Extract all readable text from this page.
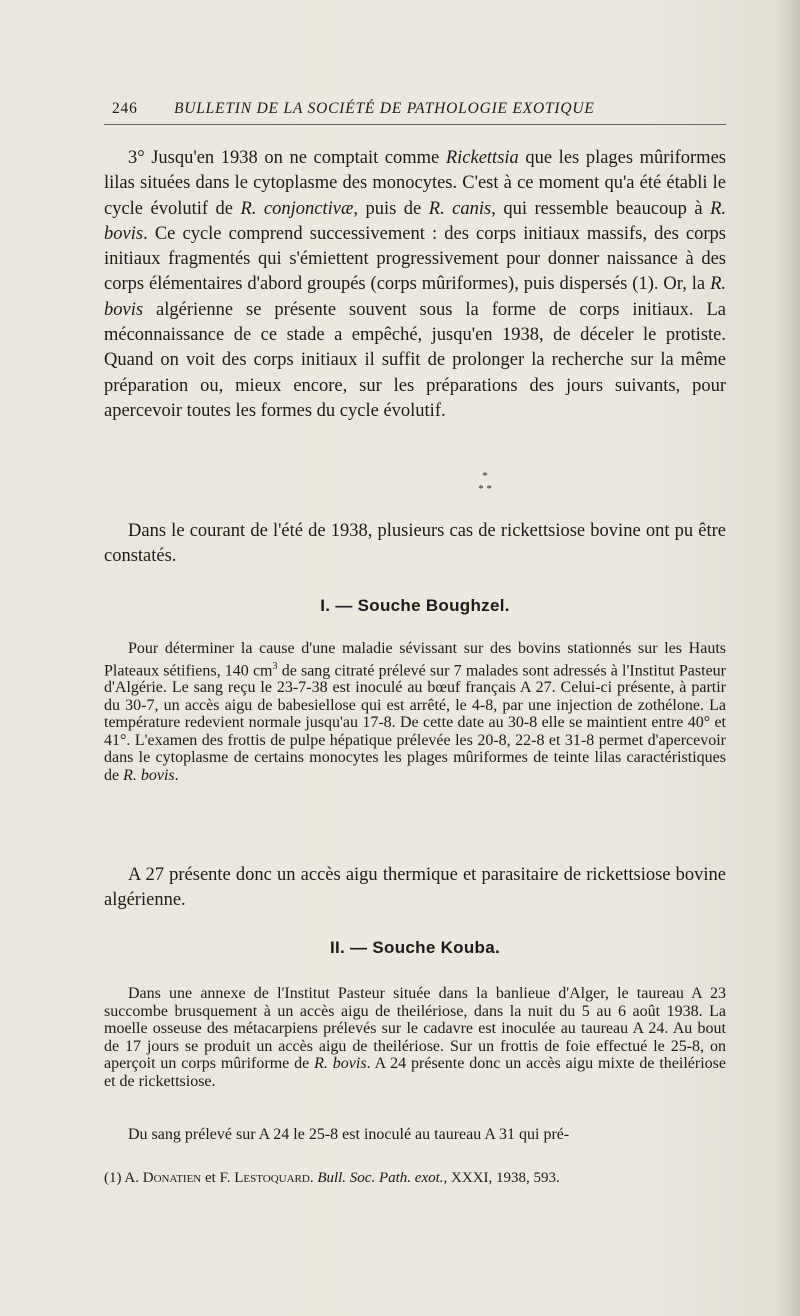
246 BULLETIN DE LA SOCIÉTÉ DE PATHOLOGIE EXOTIQUE
3° Jusqu'en 1938 on ne comptait comme Rickettsia que les plages mûriformes lilas situées dans le cytoplasme des monocytes. C'est à ce moment qu'a été établi le cycle évolutif de R. conjonctivæ, puis de R. canis, qui ressemble beaucoup à R. bovis. Ce cycle comprend successivement : des corps initiaux massifs, des corps initiaux fragmentés qui s'émiettent progressivement pour donner naissance à des corps élémentaires d'abord groupés (corps mûriformes), puis dispersés (1). Or, la R. bovis algérienne se présente souvent sous la forme de corps initiaux. La méconnaissance de ce stade a empêché, jusqu'en 1938, de déceler le protiste. Quand on voit des corps initiaux il suffit de prolonger la recherche sur la même préparation ou, mieux encore, sur les préparations des jours suivants, pour apercevoir toutes les formes du cycle évolutif.
*
* *
Dans le courant de l'été de 1938, plusieurs cas de rickettsiose bovine ont pu être constatés.
I. — Souche Boughzel.
Pour déterminer la cause d'une maladie sévissant sur des bovins stationnés sur les Hauts Plateaux sétifiens, 140 $cm^3$ de sang citraté prélevé sur 7 malades sont adressés à l'Institut Pasteur d'Algérie. Le sang reçu le 23-7-38 est inoculé au bœuf français A 27. Celui-ci présente, à partir du 30-7, un accès aigu de babesiellose qui est arrêté, le 4-8, par une injection de zothélone. La température redevient normale jusqu'au 17-8. De cette date au 30-8 elle se maintient entre 40° et 41°. L'examen des frottis de pulpe hépatique prélevée les 20-8, 22-8 et 31-8 permet d'apercevoir dans le cytoplasme de certains monocytes les plages mûriformes de teinte lilas caractéristiques de R. bovis.
A 27 présente donc un accès aigu thermique et parasitaire de rickettsiose bovine algérienne.
II. — Souche Kouba.
Dans une annexe de l'Institut Pasteur située dans la banlieue d'Alger, le taureau A 23 succombe brusquement à un accès aigu de theilériose, dans la nuit du 5 au 6 août 1938. La moelle osseuse des métacarpiens prélevés sur le cadavre est inoculée au taureau A 24. Au bout de 17 jours se produit un accès aigu de theilériose. Sur un frottis de foie effectué le 25-8, on aperçoit un corps mûriforme de R. bovis. A 24 présente donc un accès aigu mixte de theilériose et de rickettsiose.
Du sang prélevé sur A 24 le 25-8 est inoculé au taureau A 31 qui pré-
(1) A. Donatien et F. Lestoquard. Bull. Soc. Path. exot., XXXI, 1938, 593.
